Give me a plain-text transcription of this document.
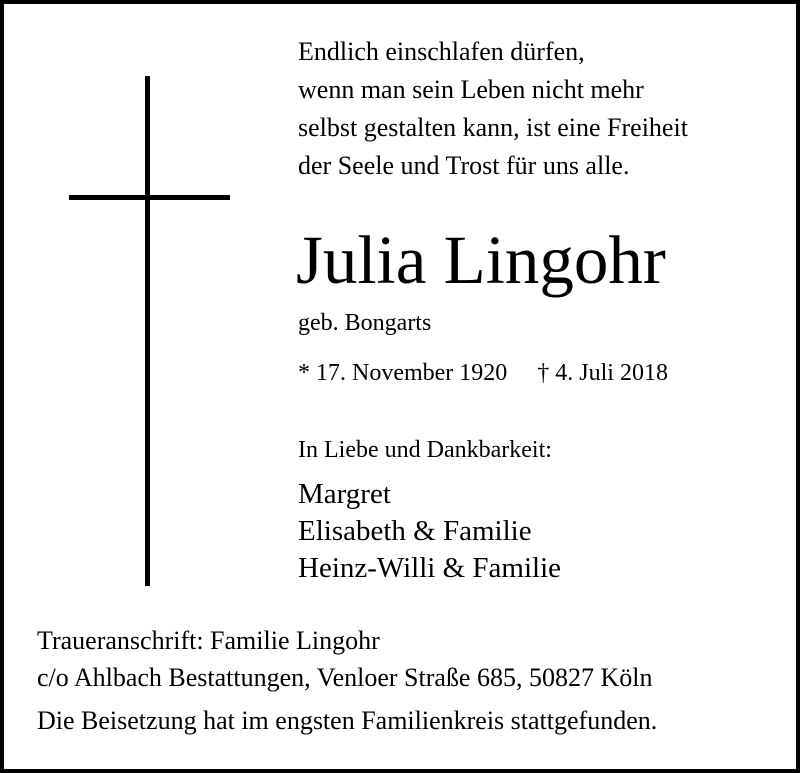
Endlich einschlafen dürfen,
wenn man sein Leben nicht mehr
selbst gestalten kann, ist eine Freiheit
der Seele und Trost für uns alle.
Julia Lingohr
geb. Bongarts
* 17. November 1920 † 4. Juli 2018
In Liebe und Dankbarkeit:
Margret
Elisabeth & Familie
Heinz-Willi & Familie
Traueranschrift: Familie Lingohr
c/o Ahlbach Bestattungen, Venloer Straße 685, 50827 Köln
Die Beisetzung hat im engsten Familienkreis stattgefunden.
